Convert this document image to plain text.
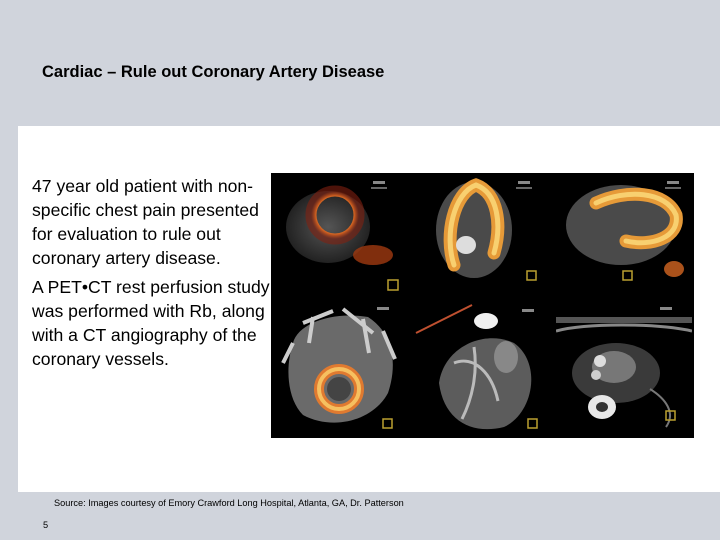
Cardiac – Rule out Coronary Artery Disease

47 year old patient with non-specific chest pain presented for evaluation to rule out coronary artery disease.

A PET•CT rest perfusion study was performed with Rb, along with a CT angiography of the coronary vessels.

Source: Images courtesy of Emory Crawford Long Hospital, Atlanta, GA, Dr. Patterson
5
